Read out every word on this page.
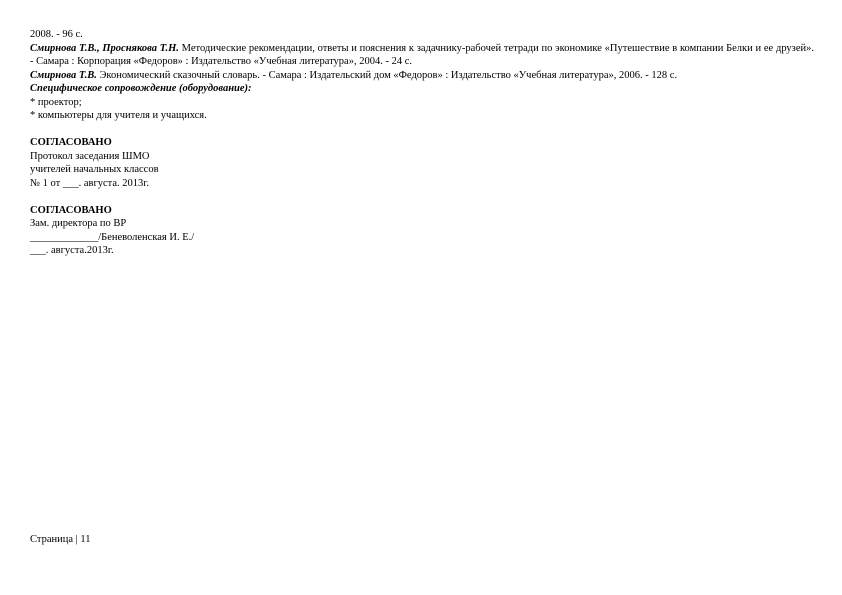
2008. - 96 с.

Смирнова Т.В., Проснякова Т.Н. Методические рекомендации, ответы и пояснения к задачнику-рабочей тетради по экономике «Путешествие в компании Белки и ее друзей». - Самара : Корпорация «Федоров» : Издательство «Учебная литература», 2004. - 24 с.

Смирнова Т.В. Экономический сказочный словарь. - Самара : Издательский дом «Федоров» : Издательство «Учебная литература», 2006. - 128 с.

Специфическое сопровождение (оборудование):

* проектор;

* компьютеры для учителя и учащихся.

СОГЛАСОВАНО

Протокол заседания ШМО

учителей начальных классов

№ 1 от ___. августа. 2013г.

СОГЛАСОВАНО

Зам. директора по ВР

_____________/Беневоленская И. Е./

___. августа.2013г.

Страница | 11
